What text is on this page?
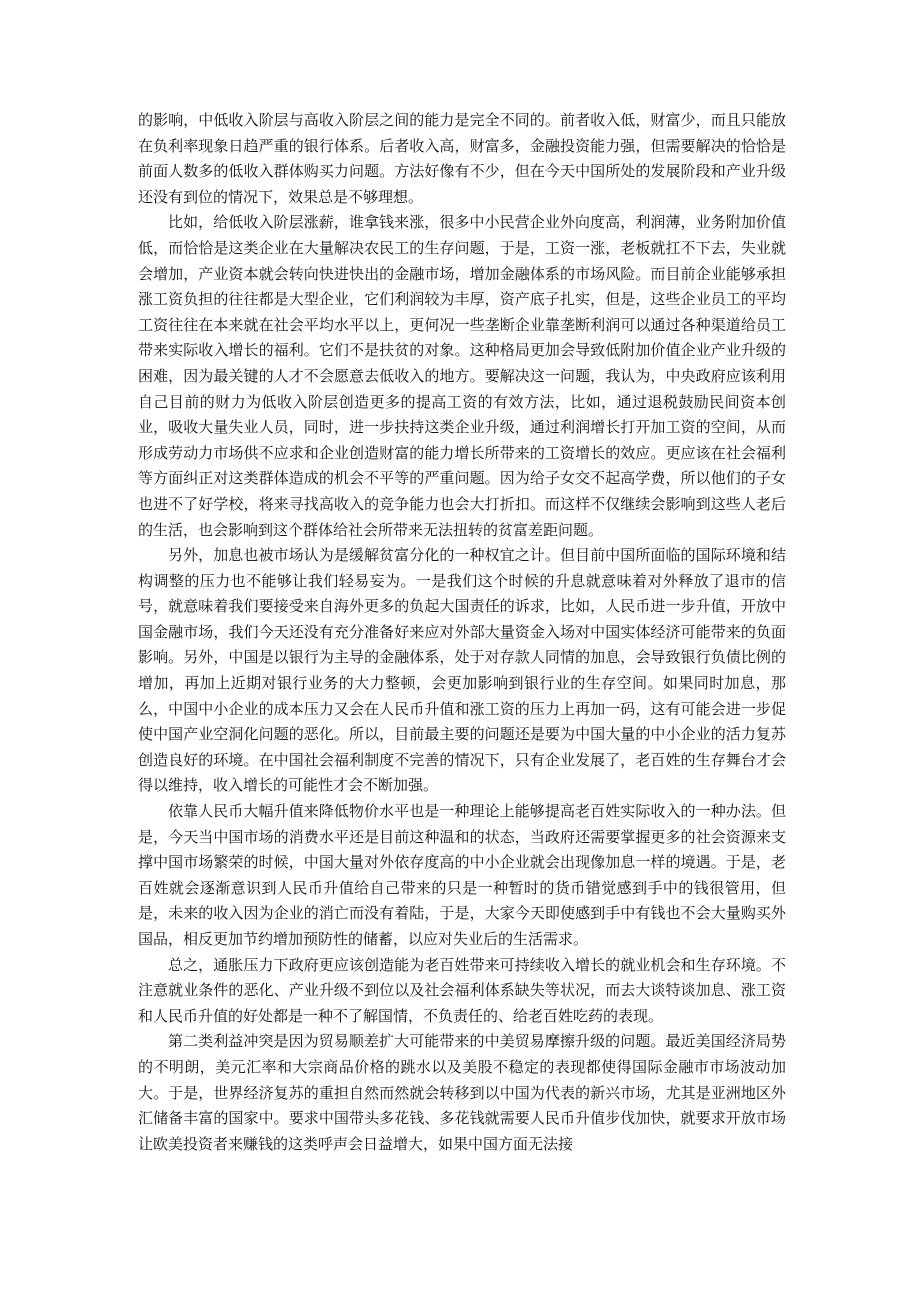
的影响，中低收入阶层与高收入阶层之间的能力是完全不同的。前者收入低，财富少，而且只能放在负利率现象日趋严重的银行体系。后者收入高，财富多，金融投资能力强，但需要解决的恰恰是前面人数多的低收入群体购买力问题。方法好像有不少，但在今天中国所处的发展阶段和产业升级还没有到位的情况下，效果总是不够理想。

比如，给低收入阶层涨薪，谁拿钱来涨，很多中小民营企业外向度高，利润薄，业务附加价值低，而恰恰是这类企业在大量解决农民工的生存问题，于是，工资一涨，老板就扛不下去，失业就会增加，产业资本就会转向快进快出的金融市场，增加金融体系的市场风险。而目前企业能够承担涨工资负担的往往都是大型企业，它们利润较为丰厚，资产底子扎实，但是，这些企业员工的平均工资往往在本来就在社会平均水平以上，更何况一些垄断企业靠垄断利润可以通过各种渠道给员工带来实际收入增长的福利。它们不是扶贫的对象。这种格局更加会导致低附加价值企业产业升级的困难，因为最关键的人才不会愿意去低收入的地方。要解决这一问题，我认为，中央政府应该利用自己目前的财力为低收入阶层创造更多的提高工资的有效方法，比如，通过退税鼓励民间资本创业，吸收大量失业人员，同时，进一步扶持这类企业升级，通过利润增长打开加工资的空间，从而形成劳动力市场供不应求和企业创造财富的能力增长所带来的工资增长的效应。更应该在社会福利等方面纠正对这类群体造成的机会不平等的严重问题。因为给子女交不起高学费，所以他们的子女也进不了好学校，将来寻找高收入的竞争能力也会大打折扣。而这样不仅继续会影响到这些人老后的生活，也会影响到这个群体给社会所带来无法扭转的贫富差距问题。

另外，加息也被市场认为是缓解贫富分化的一种权宜之计。但目前中国所面临的国际环境和结构调整的压力也不能够让我们轻易妄为。一是我们这个时候的升息就意味着对外释放了退市的信号，就意味着我们要接受来自海外更多的负起大国责任的诉求，比如，人民币进一步升值，开放中国金融市场，我们今天还没有充分准备好来应对外部大量资金入场对中国实体经济可能带来的负面影响。另外，中国是以银行为主导的金融体系，处于对存款人同情的加息，会导致银行负债比例的增加，再加上近期对银行业务的大力整顿，会更加影响到银行业的生存空间。如果同时加息，那么，中国中小企业的成本压力又会在人民币升值和涨工资的压力上再加一码，这有可能会进一步促使中国产业空洞化问题的恶化。所以，目前最主要的问题还是要为中国大量的中小企业的活力复苏创造良好的环境。在中国社会福利制度不完善的情况下，只有企业发展了，老百姓的生存舞台才会得以维持，收入增长的可能性才会不断加强。

依靠人民币大幅升值来降低物价水平也是一种理论上能够提高老百姓实际收入的一种办法。但是，今天当中国市场的消费水平还是目前这种温和的状态，当政府还需要掌握更多的社会资源来支撑中国市场繁荣的时候，中国大量对外依存度高的中小企业就会出现像加息一样的境遇。于是，老百姓就会逐渐意识到人民币升值给自己带来的只是一种暂时的货币错觉感到手中的钱很管用，但是，未来的收入因为企业的消亡而没有着陆，于是，大家今天即使感到手中有钱也不会大量购买外国品，相反更加节约增加预防性的储蓄，以应对失业后的生活需求。

总之，通胀压力下政府更应该创造能为老百姓带来可持续收入增长的就业机会和生存环境。不注意就业条件的恶化、产业升级不到位以及社会福利体系缺失等状况，而去大谈特谈加息、涨工资和人民币升值的好处都是一种不了解国情，不负责任的、给老百姓吃药的表现。

第二类利益冲突是因为贸易顺差扩大可能带来的中美贸易摩擦升级的问题。最近美国经济局势的不明朗，美元汇率和大宗商品价格的跳水以及美股不稳定的表现都使得国际金融市市场波动加大。于是，世界经济复苏的重担自然而然就会转移到以中国为代表的新兴市场，尤其是亚洲地区外汇储备丰富的国家中。要求中国带头多花钱、多花钱就需要人民币升值步伐加快，就要求开放市场让欧美投资者来赚钱的这类呼声会日益增大，如果中国方面无法接
